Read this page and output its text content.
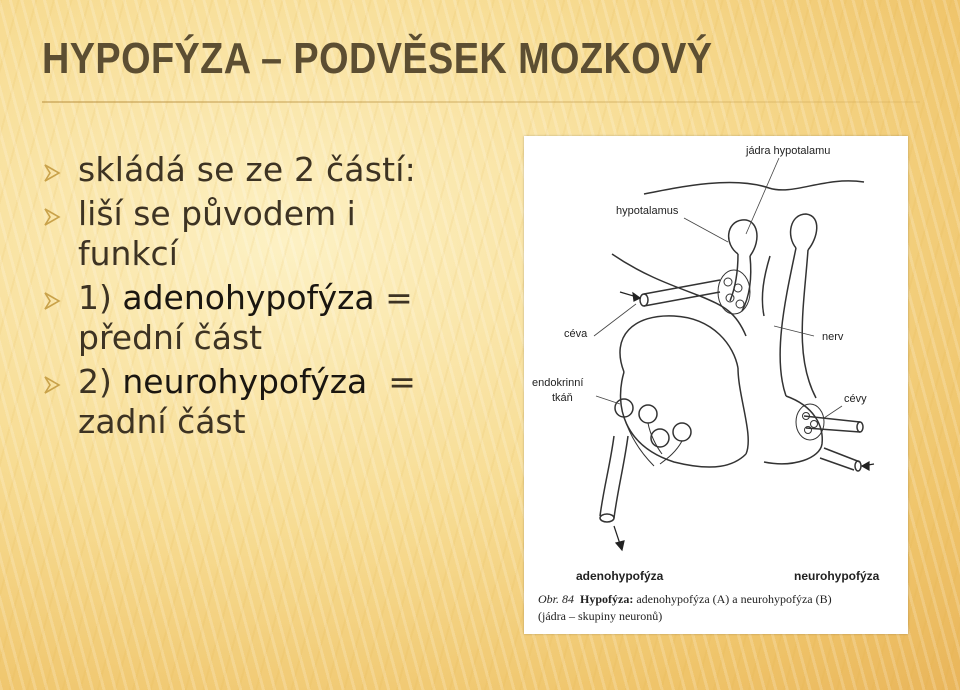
HYPOFÝZA – PODVĚSEK MOZKOVÝ
skládá se ze 2 částí:
liší se původem i
funkcí
1) adenohypofýza =
přední část
2) neurohypofýza  =
zadní část
jádra hypotalamu
hypotalamus
céva	nerv
endokrinní
tkáň	cévy
adenohypofýza	neurohypofýza
Obr. 84 Hypofýza: adenohypofýza (A) a neurohypofýza (B)
(jádra – skupiny neuronů)
